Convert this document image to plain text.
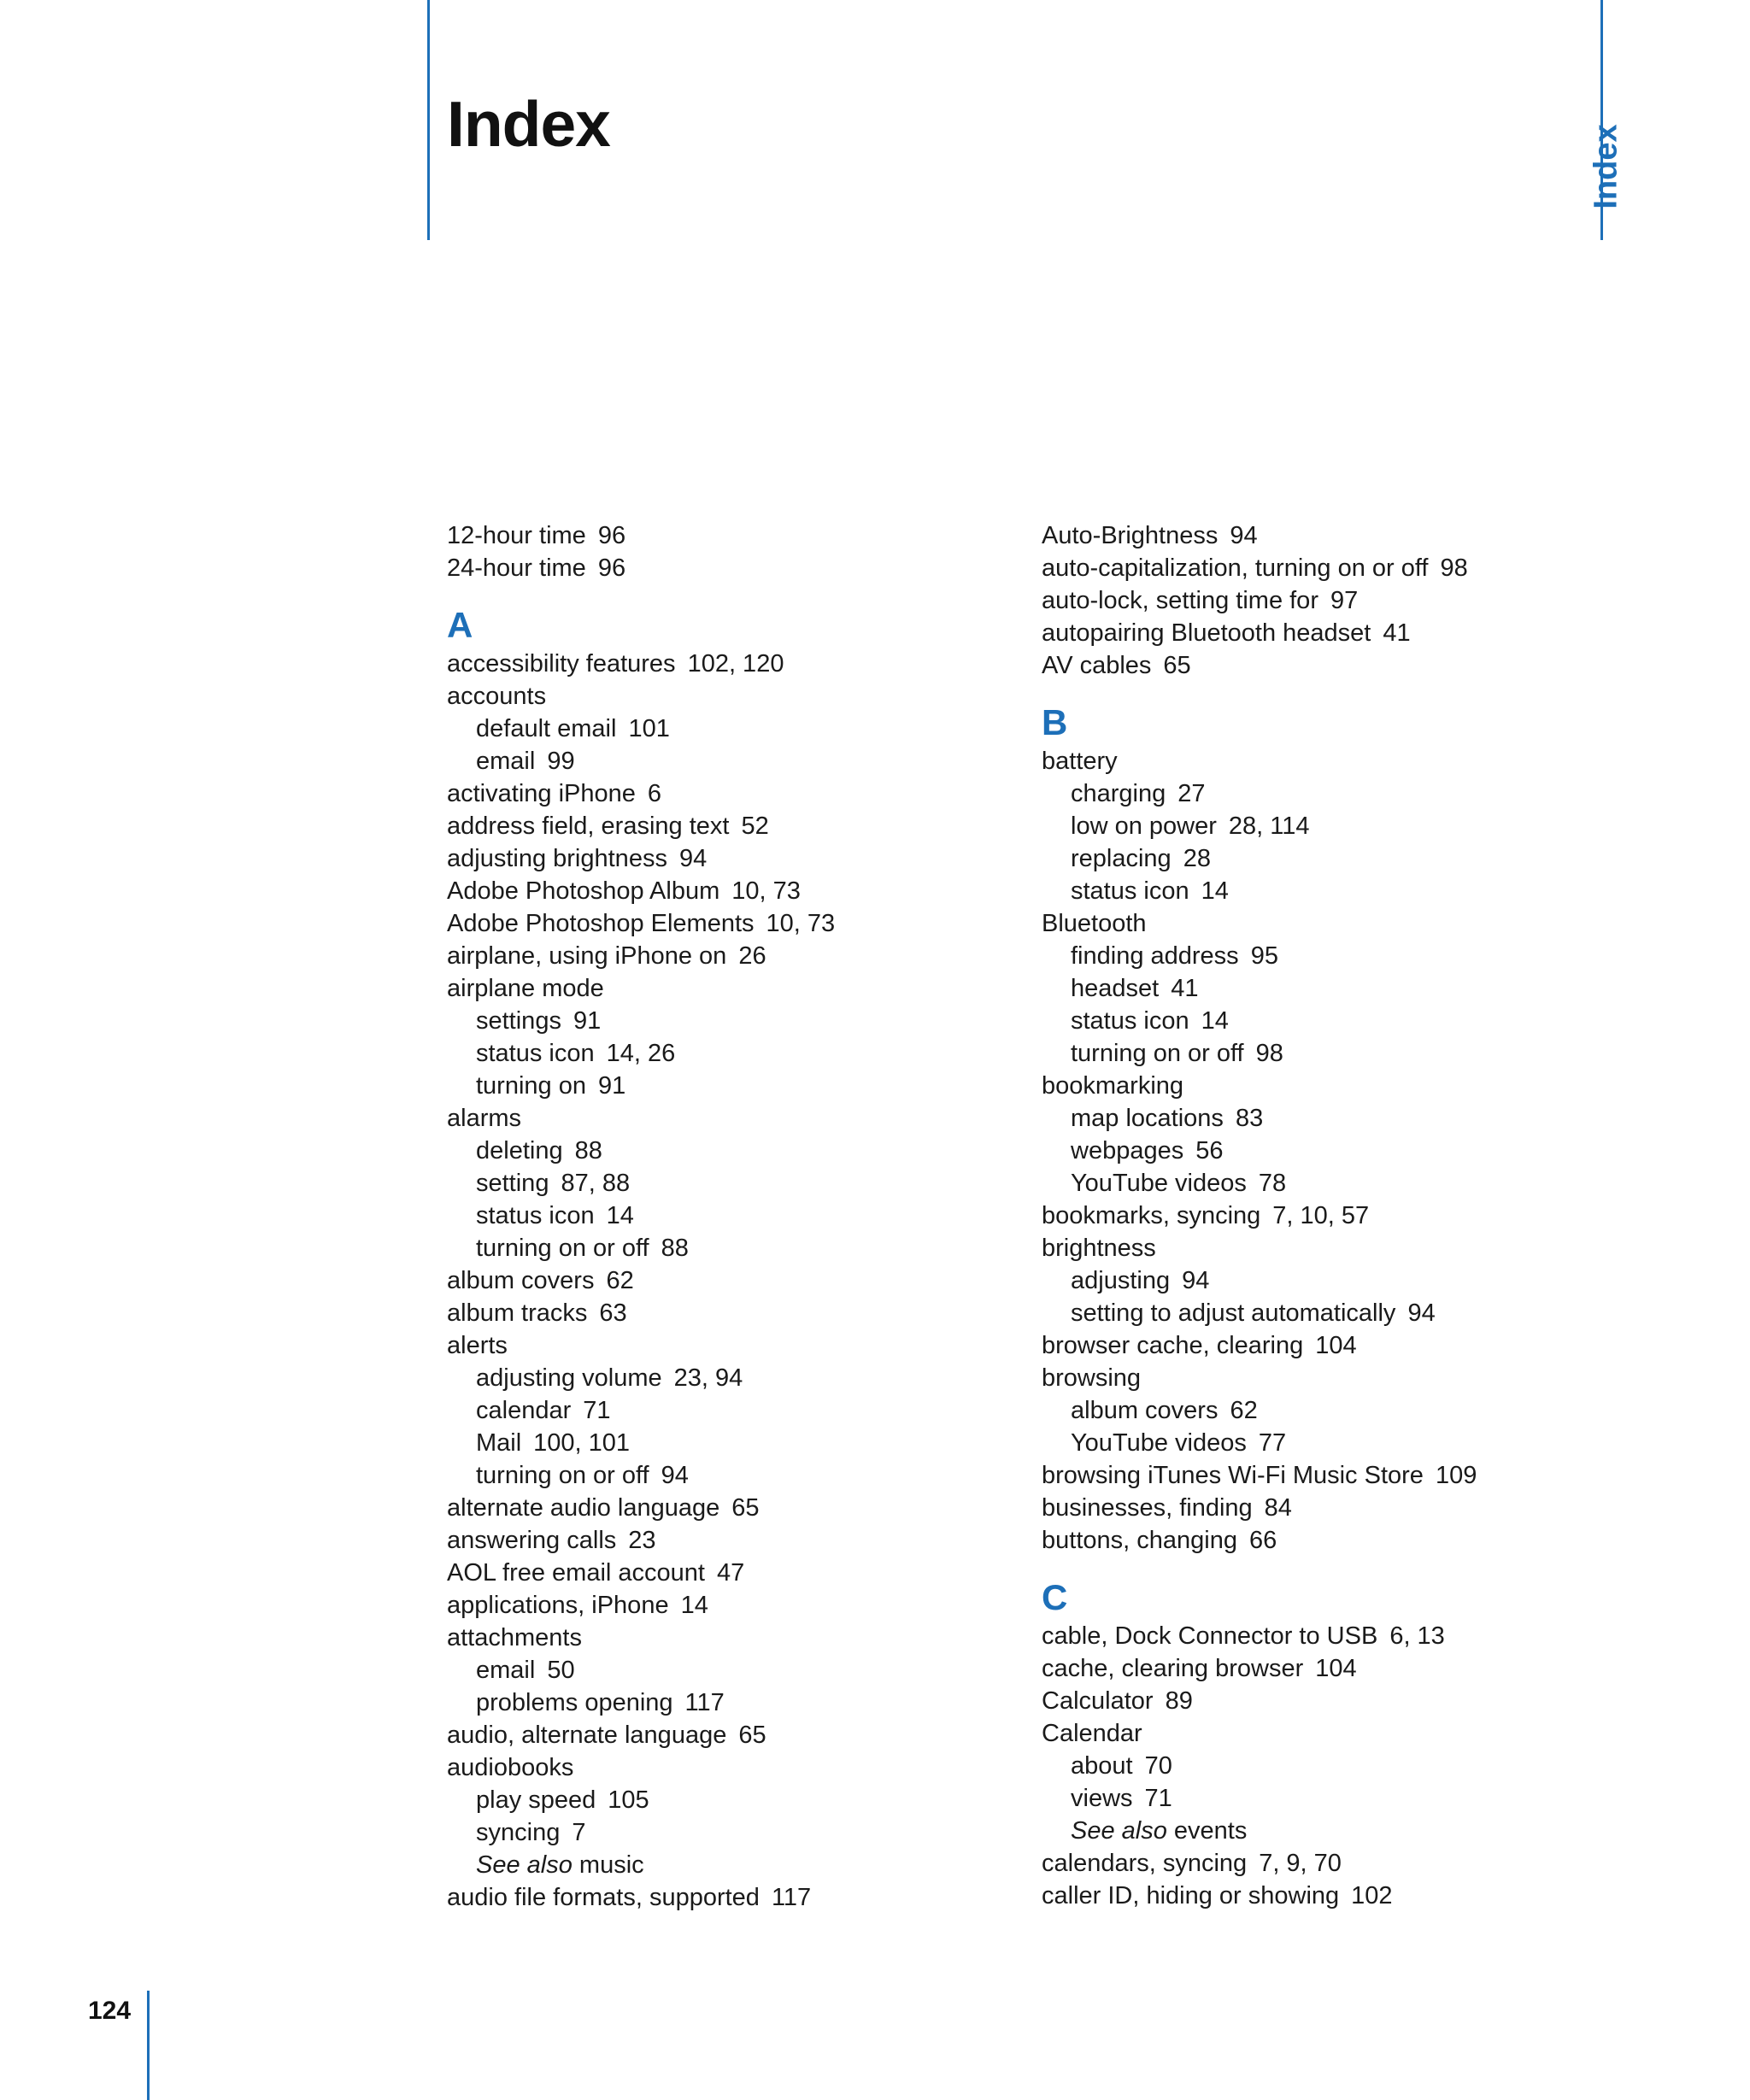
Index
Index
124
12-hour time 96
24-hour time 96
A
accessibility features 102, 120
accounts
default email 101
email 99
activating iPhone 6
address field, erasing text 52
adjusting brightness 94
Adobe Photoshop Album 10, 73
Adobe Photoshop Elements 10, 73
airplane, using iPhone on 26
airplane mode
settings 91
status icon 14, 26
turning on 91
alarms
deleting 88
setting 87, 88
status icon 14
turning on or off 88
album covers 62
album tracks 63
alerts
adjusting volume 23, 94
calendar 71
Mail 100, 101
turning on or off 94
alternate audio language 65
answering calls 23
AOL free email account 47
applications, iPhone 14
attachments
email 50
problems opening 117
audio, alternate language 65
audiobooks
play speed 105
syncing 7
See also music
audio file formats, supported 117
Auto-Brightness 94
auto-capitalization, turning on or off 98
auto-lock, setting time for 97
autopairing Bluetooth headset 41
AV cables 65
B
battery
charging 27
low on power 28, 114
replacing 28
status icon 14
Bluetooth
finding address 95
headset 41
status icon 14
turning on or off 98
bookmarking
map locations 83
webpages 56
YouTube videos 78
bookmarks, syncing 7, 10, 57
brightness
adjusting 94
setting to adjust automatically 94
browser cache, clearing 104
browsing
album covers 62
YouTube videos 77
browsing iTunes Wi-Fi Music Store 109
businesses, finding 84
buttons, changing 66
C
cable, Dock Connector to USB 6, 13
cache, clearing browser 104
Calculator 89
Calendar
about 70
views 71
See also events
calendars, syncing 7, 9, 70
caller ID, hiding or showing 102
